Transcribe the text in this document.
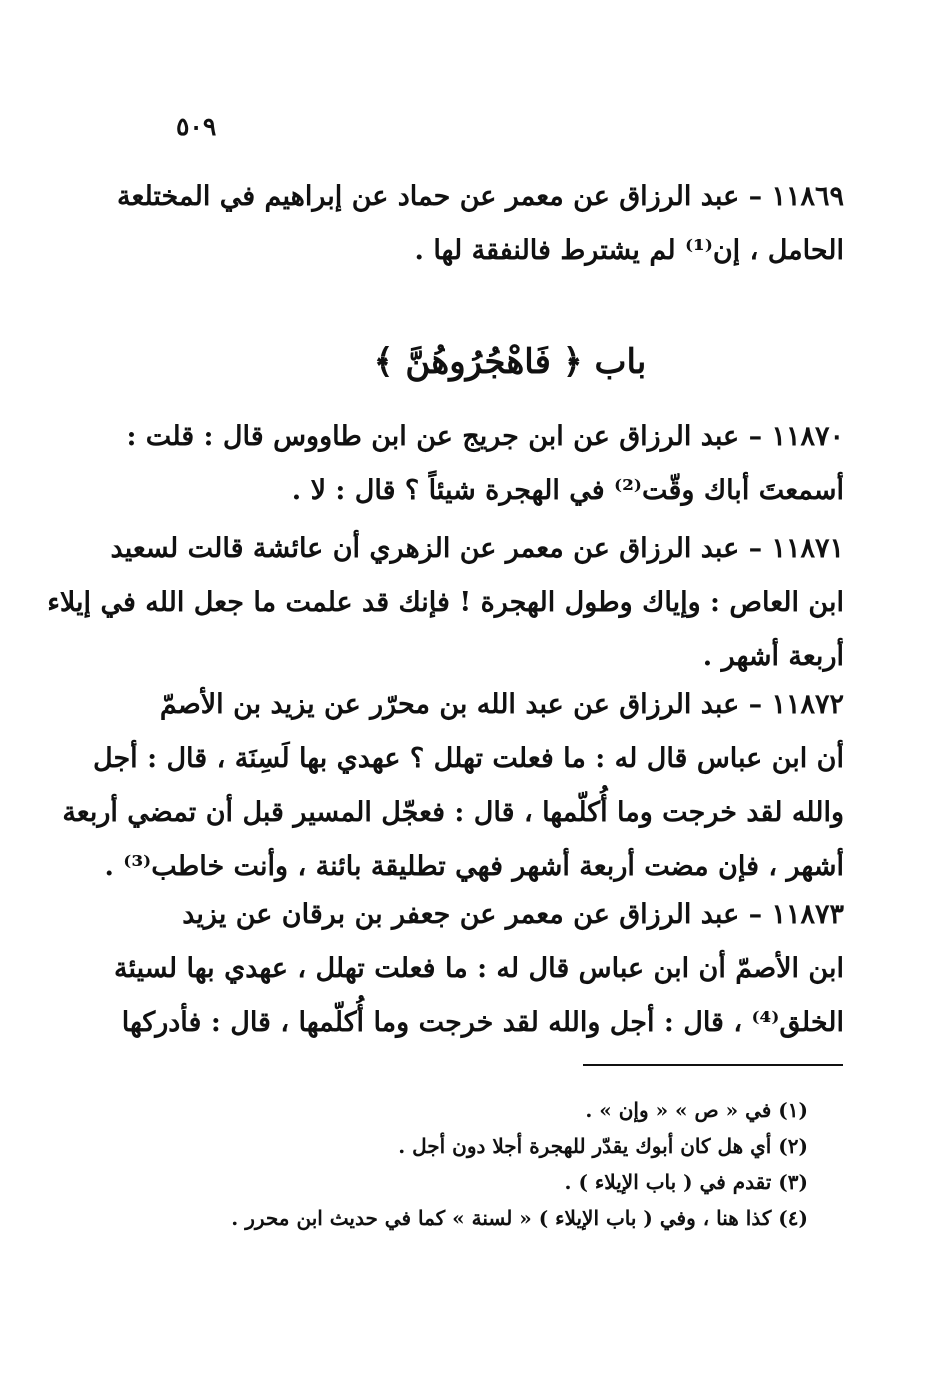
٥٠٩
١١٨٦٩ – عبد الرزاق عن معمر عن حماد عن إبراهيم في المختلعة
الحامل ، إن⁽¹⁾ لم يشترط فالنفقة لها .
باب ﴿ فَاهْجُرُوهُنَّ ﴾
١١٨٧٠ – عبد الرزاق عن ابن جريج عن ابن طاووس قال : قلت :
أسمعتَ أباك وقّت⁽²⁾ في الهجرة شيئاً ؟ قال : لا .
١١٨٧١ – عبد الرزاق عن معمر عن الزهري أن عائشة قالت لسعيد
ابن العاص : وإياك وطول الهجرة ! فإنك قد علمت ما جعل الله في إيلاء
أربعة أشهر .
١١٨٧٢ – عبد الرزاق عن عبد الله بن محرّر عن يزيد بن الأصمّ
أن ابن عباس قال له : ما فعلت تهلل ؟ عهدي بها لَسِنَة ، قال : أجل
والله لقد خرجت وما أُكلّمها ، قال : فعجّل المسير قبل أن تمضي أربعة
أشهر ، فإن مضت أربعة أشهر فهي تطليقة بائنة ، وأنت خاطب⁽³⁾ .
١١٨٧٣ – عبد الرزاق عن معمر عن جعفر بن برقان عن يزيد
ابن الأصمّ أن ابن عباس قال له : ما فعلت تهلل ، عهدي بها لسيئة
الخلق⁽⁴⁾ ، قال : أجل والله لقد خرجت وما أُكلّمها ، قال : فأدركها
(١) في « ص » « وإن » .
(٢) أي هل كان أبوك يقدّر للهجرة أجلا دون أجل .
(٣) تقدم في ( باب الإيلاء ) .
(٤) كذا هنا ، وفي ( باب الإيلاء ) « لسنة » كما في حديث ابن محرر .
